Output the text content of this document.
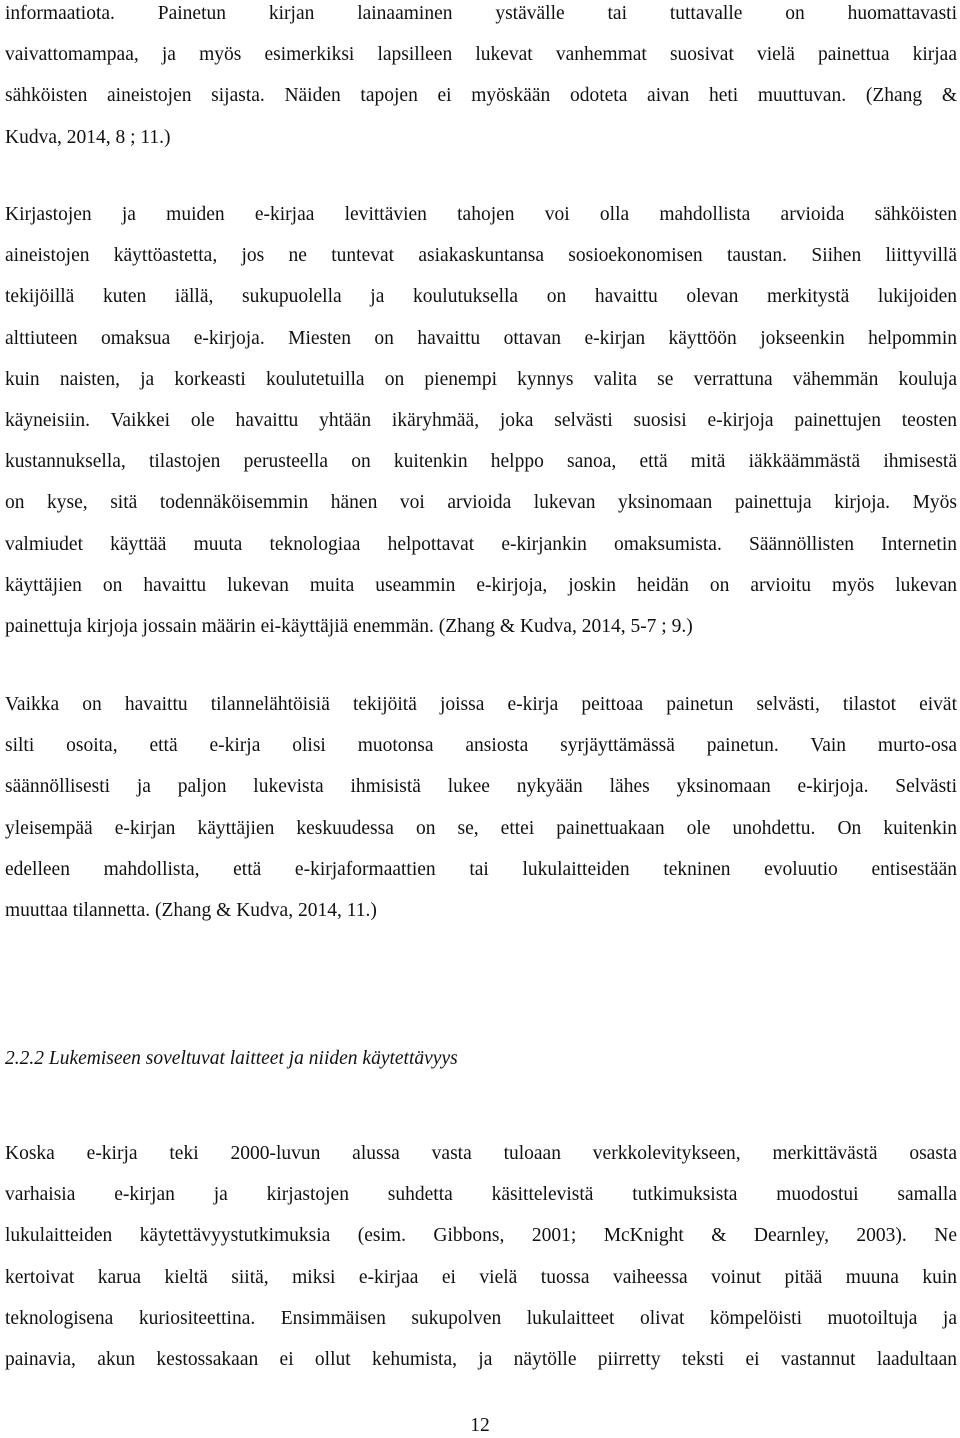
informaatiota. Painetun kirjan lainaaminen ystävälle tai tuttavalle on huomattavasti
vaivattomampaa, ja myös esimerkiksi lapsilleen lukevat vanhemmat suosivat vielä painettua kirjaa
sähköisten aineistojen sijasta. Näiden tapojen ei myöskään odoteta aivan heti muuttuvan. (Zhang &
Kudva, 2014, 8 ; 11.)

Kirjastojen ja muiden e-kirjaa levittävien tahojen voi olla mahdollista arvioida sähköisten
aineistojen käyttöastetta, jos ne tuntevat asiakaskuntansa sosioekonomisen taustan. Siihen liittyvillä
tekijöillä kuten iällä, sukupuolella ja koulutuksella on havaittu olevan merkitystä lukijoiden
alttiuteen omaksua e-kirjoja. Miesten on havaittu ottavan e-kirjan käyttöön jokseenkin helpommin
kuin naisten, ja korkeasti koulutetuilla on pienempi kynnys valita se verrattuna vähemmän kouluja
käyneisiin. Vaikkei ole havaittu yhtään ikäryhmää, joka selvästi suosisi e-kirjoja painettujen teosten
kustannuksella, tilastojen perusteella on kuitenkin helppo sanoa, että mitä iäkkäämmästä ihmisestä
on kyse, sitä todennäköisemmin hänen voi arvioida lukevan yksinomaan painettuja kirjoja. Myös
valmiudet käyttää muuta teknologiaa helpottavat e-kirjankin omaksumista. Säännöllisten Internetin
käyttäjien on havaittu lukevan muita useammin e-kirjoja, joskin heidän on arvioitu myös lukevan
painettuja kirjoja jossain määrin ei-käyttäjiä enemmän. (Zhang & Kudva, 2014, 5-7 ; 9.)

Vaikka on havaittu tilannelähtöisiä tekijöitä joissa e-kirja peittoaa painetun selvästi, tilastot eivät
silti osoita, että e-kirja olisi muotonsa ansiosta syrjäyttämässä painetun. Vain murto-osa
säännöllisesti ja paljon lukevista ihmisistä lukee nykyään lähes yksinomaan e-kirjoja. Selvästi
yleisempää e-kirjan käyttäjien keskuudessa on se, ettei painettuakaan ole unohdettu. On kuitenkin
edelleen mahdollista, että e-kirjaformaattien tai lukulaitteiden tekninen evoluutio entisestään
muuttaa tilannetta. (Zhang & Kudva, 2014, 11.)

2.2.2 Lukemiseen soveltuvat laitteet ja niiden käytettävyys

Koska e-kirja teki 2000-luvun alussa vasta tuloaan verkkolevitykseen, merkittävästä osasta
varhaisia e-kirjan ja kirjastojen suhdetta käsittelevistä tutkimuksista muodostui samalla
lukulaitteiden käytettävyystutkimuksia (esim. Gibbons, 2001; McKnight & Dearnley, 2003). Ne
kertoivat karua kieltä siitä, miksi e-kirjaa ei vielä tuossa vaiheessa voinut pitää muuna kuin
teknologisena kuriositeettina. Ensimmäisen sukupolven lukulaitteet olivat kömpelöisti muotoiltuja ja
painavia, akun kestossakaan ei ollut kehumista, ja näytölle piirretty teksti ei vastannut laadultaan

12
